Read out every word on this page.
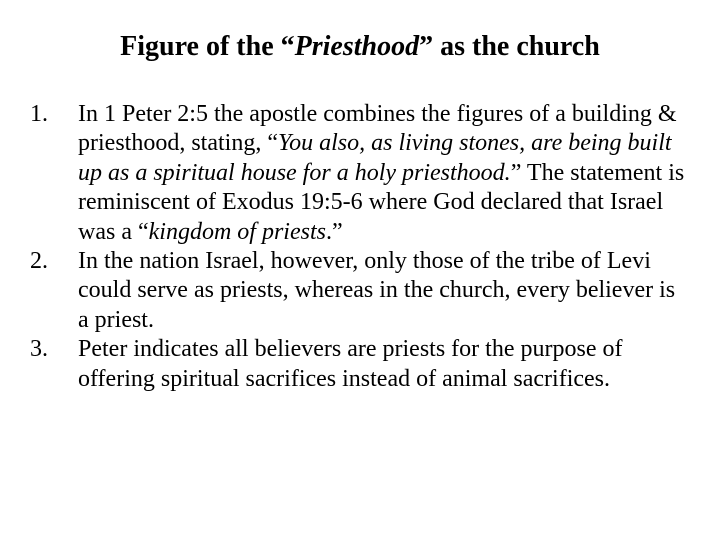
Figure of the “Priesthood” as the church
1. In 1 Peter 2:5 the apostle combines the figures of a building & priesthood, stating, “You also, as living stones, are being built up as a spiritual house for a holy priesthood.” The statement is reminiscent of Exodus 19:5-6 where God declared that Israel was a “kingdom of priests.”
2. In the nation Israel, however, only those of the tribe of Levi could serve as priests, whereas in the church, every believer is a priest.
3. Peter indicates all believers are priests for the purpose of offering spiritual sacrifices instead of animal sacrifices.
